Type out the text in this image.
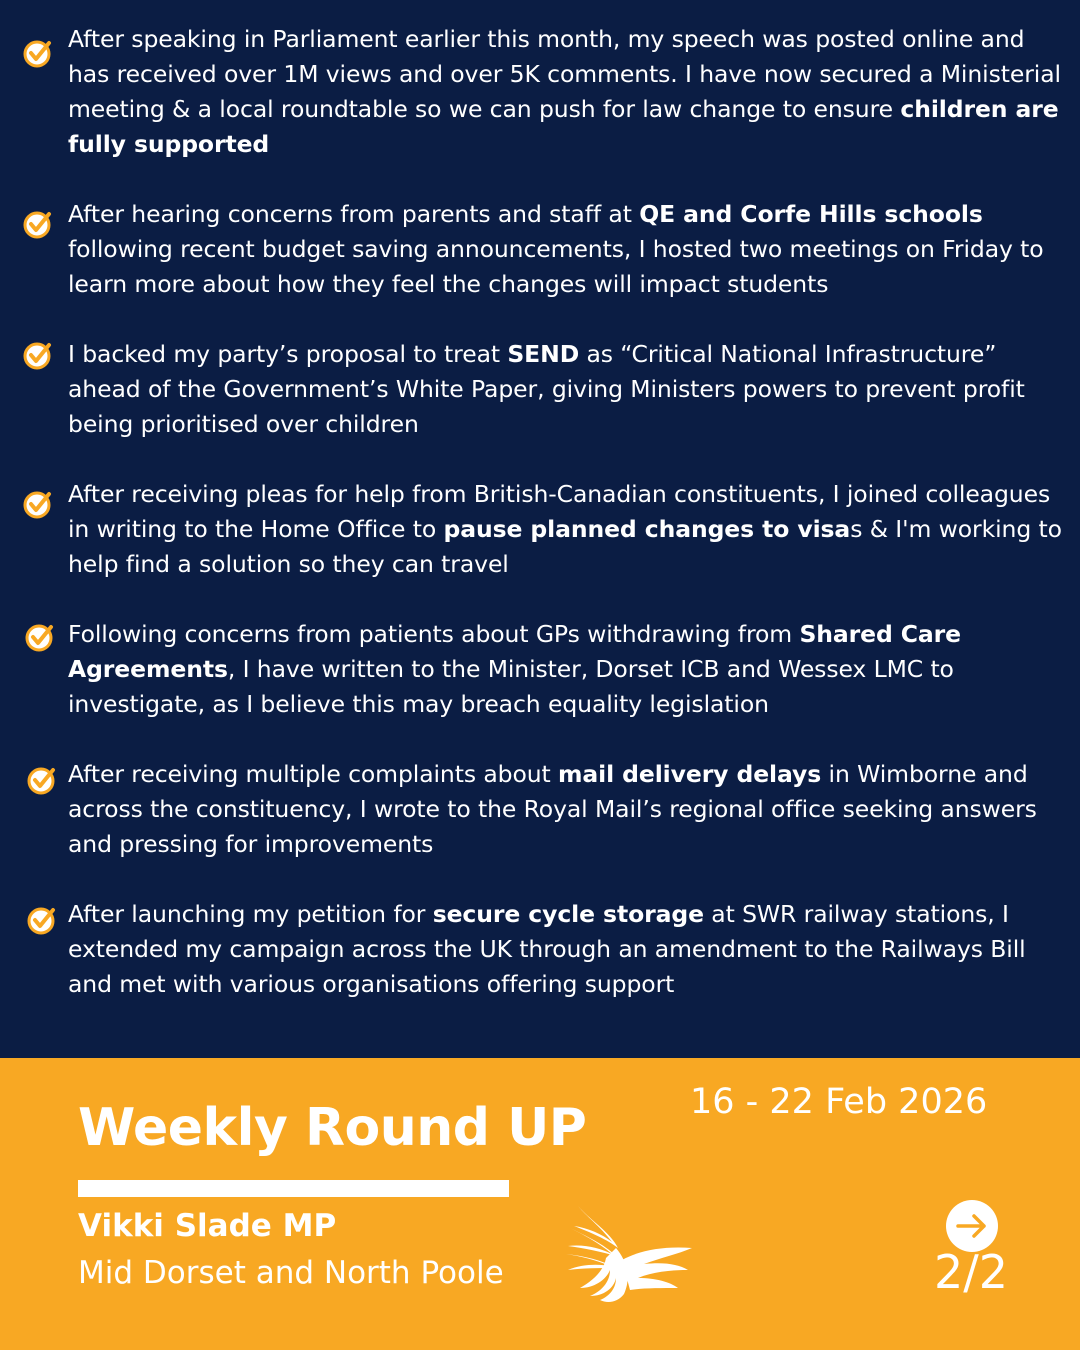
After speaking in Parliament earlier this month, my speech was posted online and has received over 1M views and over 5K comments. I have now secured a Ministerial meeting & a local roundtable so we can push for law change to ensure children are fully supported
After hearing concerns from parents and staff at QE and Corfe Hills schools following recent budget saving announcements, I hosted two meetings on Friday to learn more about how they feel the changes will impact students
I backed my party’s proposal to treat SEND as “Critical National Infrastructure” ahead of the Government’s White Paper, giving Ministers powers to prevent profit being prioritised over children
After receiving pleas for help from British-Canadian constituents, I joined colleagues in writing to the Home Office to pause planned changes to visas & I'm working to help find a solution so they can travel
Following concerns from patients about GPs withdrawing from Shared Care Agreements, I have written to the Minister, Dorset ICB and Wessex LMC to investigate, as I believe this may breach equality legislation
After receiving multiple complaints about mail delivery delays in Wimborne and across the constituency, I wrote to the Royal Mail’s regional office seeking answers and pressing for improvements
After launching my petition for secure cycle storage at SWR railway stations, I extended my campaign across the UK through an amendment to the Railways Bill and met with various organisations offering support
Weekly Round UP	16 - 22 Feb 2026
Vikki Slade MP
Mid Dorset and North Poole	2/2
